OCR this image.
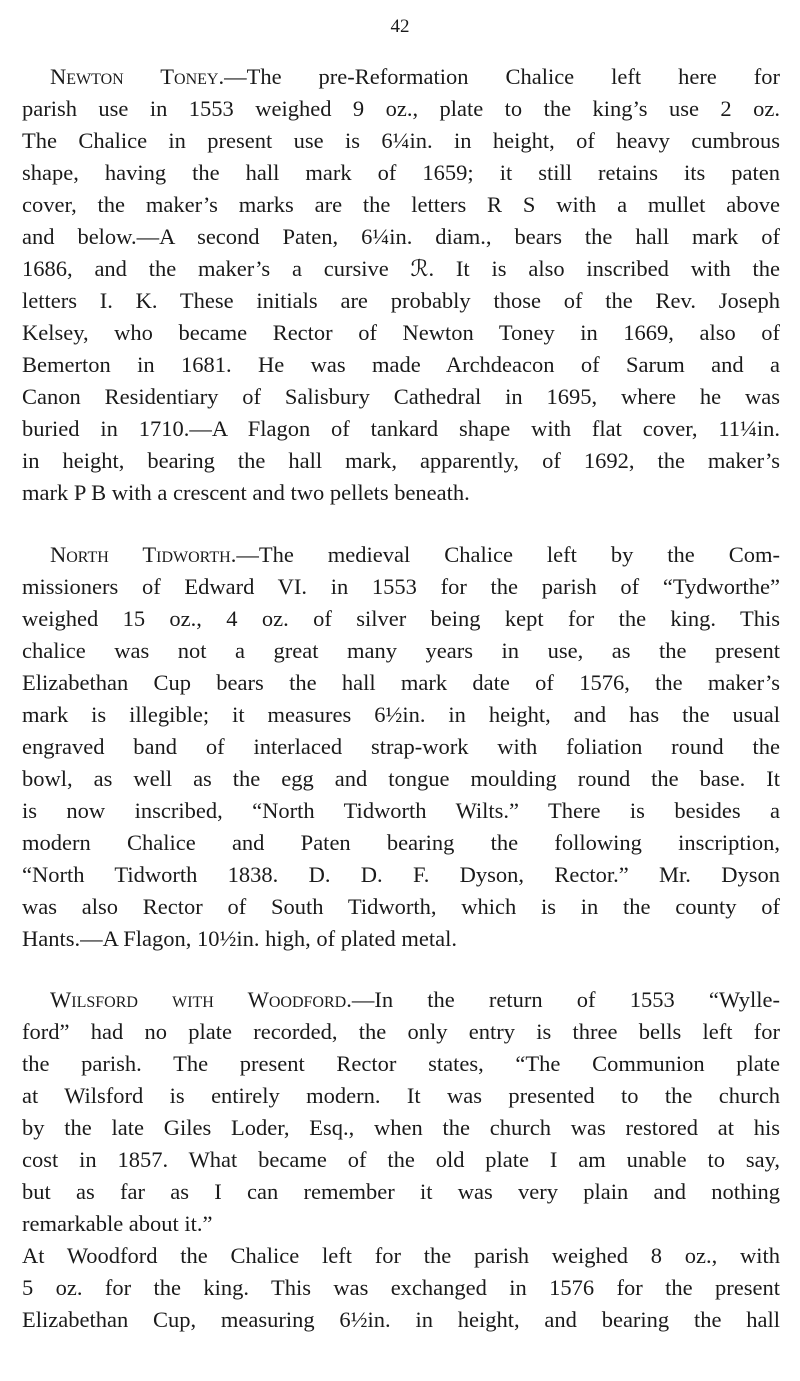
42
Newton Toney.—The pre-Reformation Chalice left here for
parish use in 1553 weighed 9 oz., plate to the king’s use 2 oz.
The Chalice in present use is 6¼in. in height, of heavy cumbrous
shape, having the hall mark of 1659; it still retains its paten
cover, the maker’s marks are the letters R S with a mullet above
and below.—A second Paten, 6¼in. diam., bears the hall mark of
1686, and the maker’s a cursive ℛ. It is also inscribed with the
letters I. K. These initials are probably those of the Rev. Joseph
Kelsey, who became Rector of Newton Toney in 1669, also of
Bemerton in 1681. He was made Archdeacon of Sarum and a
Canon Residentiary of Salisbury Cathedral in 1695, where he was
buried in 1710.—A Flagon of tankard shape with flat cover, 11¼in.
in height, bearing the hall mark, apparently, of 1692, the maker’s
mark P B with a crescent and two pellets beneath.
North Tidworth.—The medieval Chalice left by the Com-
missioners of Edward VI. in 1553 for the parish of “Tydworthe”
weighed 15 oz., 4 oz. of silver being kept for the king. This
chalice was not a great many years in use, as the present
Elizabethan Cup bears the hall mark date of 1576, the maker’s
mark is illegible; it measures 6½in. in height, and has the usual
engraved band of interlaced strap-work with foliation round the
bowl, as well as the egg and tongue moulding round the base. It
is now inscribed, “North Tidworth Wilts.” There is besides a
modern Chalice and Paten bearing the following inscription,
“North Tidworth 1838. D. D. F. Dyson, Rector.” Mr. Dyson
was also Rector of South Tidworth, which is in the county of
Hants.—A Flagon, 10½in. high, of plated metal.
Wilsford with Woodford.—In the return of 1553 “Wylle-
ford” had no plate recorded, the only entry is three bells left for
the parish. The present Rector states, “The Communion plate
at Wilsford is entirely modern. It was presented to the church
by the late Giles Loder, Esq., when the church was restored at his
cost in 1857. What became of the old plate I am unable to say,
but as far as I can remember it was very plain and nothing
remarkable about it.”
At Woodford the Chalice left for the parish weighed 8 oz., with
5 oz. for the king. This was exchanged in 1576 for the present
Elizabethan Cup, measuring 6½in. in height, and bearing the hall
